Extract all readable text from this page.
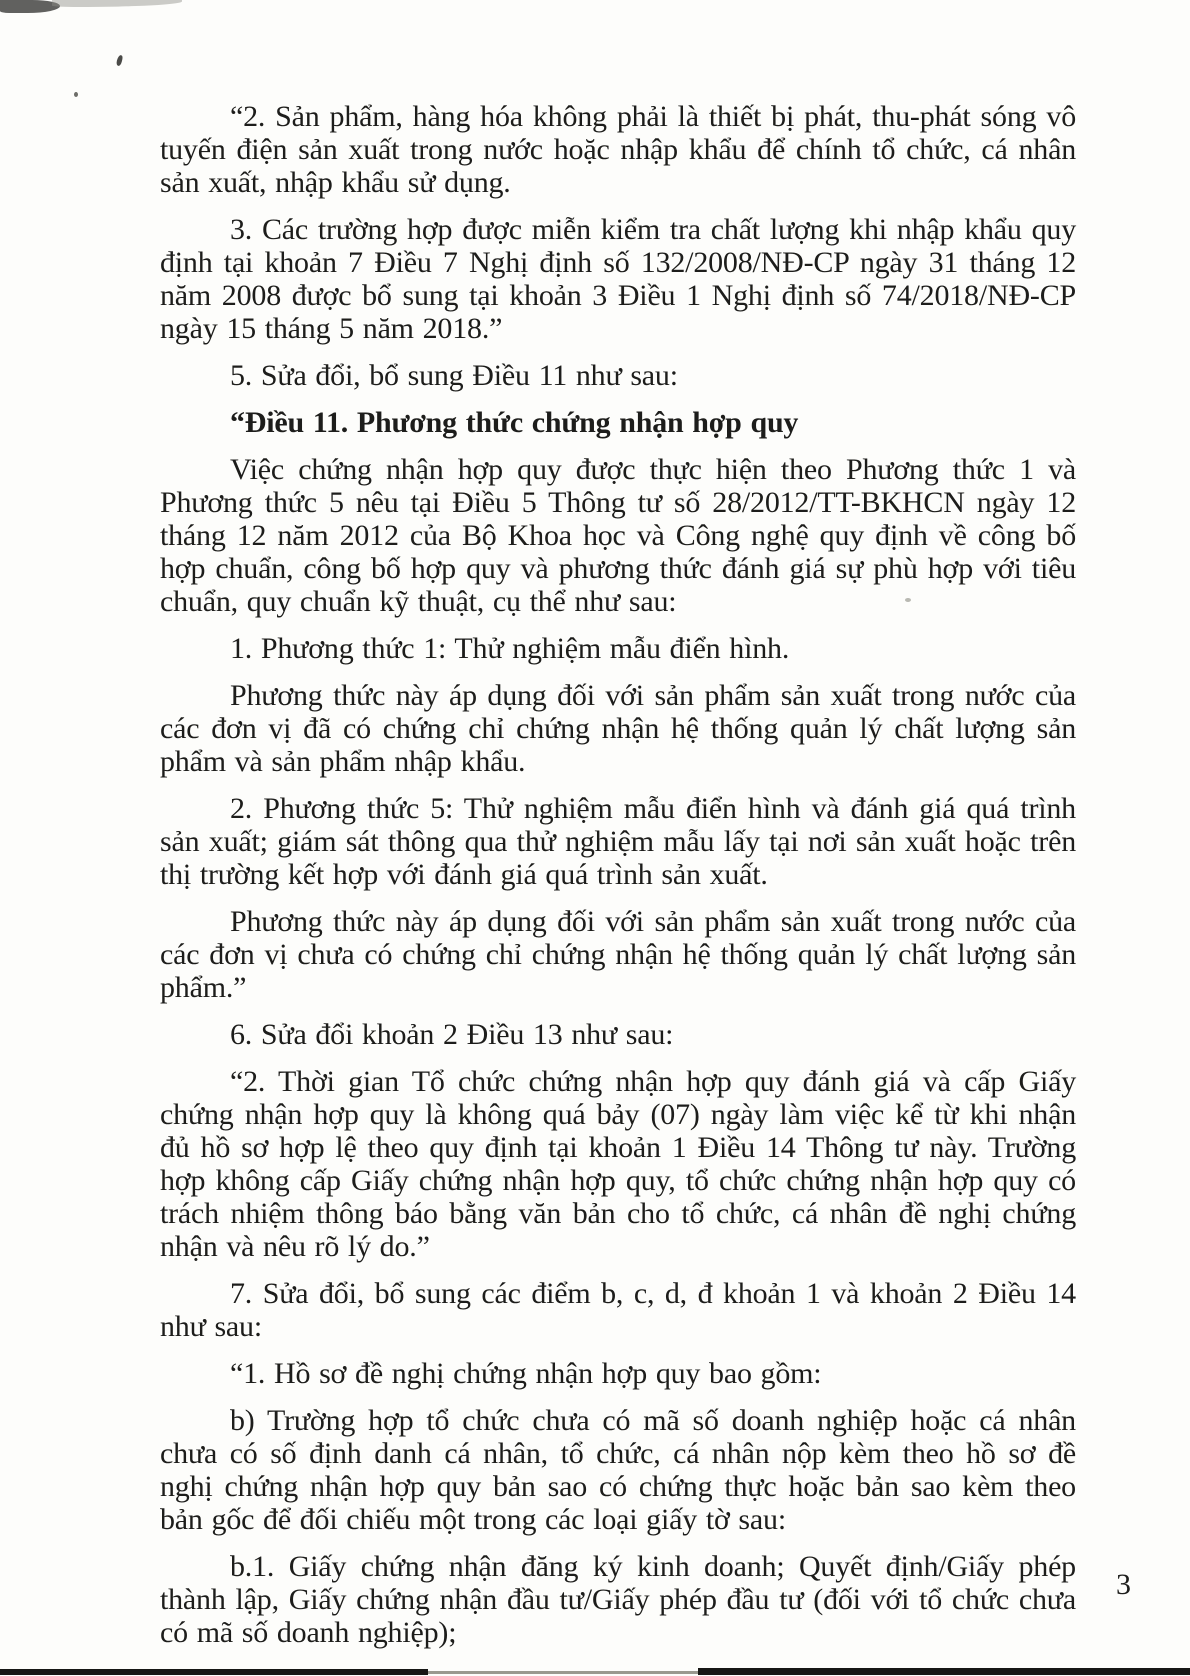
“2. Sản phẩm, hàng hóa không phải là thiết bị phát, thu-phát sóng vô tuyến điện sản xuất trong nước hoặc nhập khẩu để chính tổ chức, cá nhân sản xuất, nhập khẩu sử dụng.

3. Các trường hợp được miễn kiểm tra chất lượng khi nhập khẩu quy định tại khoản 7 Điều 7 Nghị định số 132/2008/NĐ-CP ngày 31 tháng 12 năm 2008 được bổ sung tại khoản 3 Điều 1 Nghị định số 74/2018/NĐ-CP ngày 15 tháng 5 năm 2018.”

5. Sửa đổi, bổ sung Điều 11 như sau:

“Điều 11. Phương thức chứng nhận hợp quy

Việc chứng nhận hợp quy được thực hiện theo Phương thức 1 và Phương thức 5 nêu tại Điều 5 Thông tư số 28/2012/TT-BKHCN ngày 12 tháng 12 năm 2012 của Bộ Khoa học và Công nghệ quy định về công bố hợp chuẩn, công bố hợp quy và phương thức đánh giá sự phù hợp với tiêu chuẩn, quy chuẩn kỹ thuật, cụ thể như sau:

1. Phương thức 1: Thử nghiệm mẫu điển hình.

Phương thức này áp dụng đối với sản phẩm sản xuất trong nước của các đơn vị đã có chứng chỉ chứng nhận hệ thống quản lý chất lượng sản phẩm và sản phẩm nhập khẩu.

2. Phương thức 5: Thử nghiệm mẫu điển hình và đánh giá quá trình sản xuất; giám sát thông qua thử nghiệm mẫu lấy tại nơi sản xuất hoặc trên thị trường kết hợp với đánh giá quá trình sản xuất.

Phương thức này áp dụng đối với sản phẩm sản xuất trong nước của các đơn vị chưa có chứng chỉ chứng nhận hệ thống quản lý chất lượng sản phẩm.”

6. Sửa đổi khoản 2 Điều 13 như sau:

“2. Thời gian Tổ chức chứng nhận hợp quy đánh giá và cấp Giấy chứng nhận hợp quy là không quá bảy (07) ngày làm việc kể từ khi nhận đủ hồ sơ hợp lệ theo quy định tại khoản 1 Điều 14 Thông tư này. Trường hợp không cấp Giấy chứng nhận hợp quy, tổ chức chứng nhận hợp quy có trách nhiệm thông báo bằng văn bản cho tổ chức, cá nhân đề nghị chứng nhận và nêu rõ lý do.”

7. Sửa đổi, bổ sung các điểm b, c, d, đ khoản 1 và khoản 2 Điều 14 như sau:

“1. Hồ sơ đề nghị chứng nhận hợp quy bao gồm:

b) Trường hợp tổ chức chưa có mã số doanh nghiệp hoặc cá nhân chưa có số định danh cá nhân, tổ chức, cá nhân nộp kèm theo hồ sơ đề nghị chứng nhận hợp quy bản sao có chứng thực hoặc bản sao kèm theo bản gốc để đối chiếu một trong các loại giấy tờ sau:

b.1. Giấy chứng nhận đăng ký kinh doanh; Quyết định/Giấy phép thành lập, Giấy chứng nhận đầu tư/Giấy phép đầu tư (đối với tổ chức chưa có mã số doanh nghiệp);

3
